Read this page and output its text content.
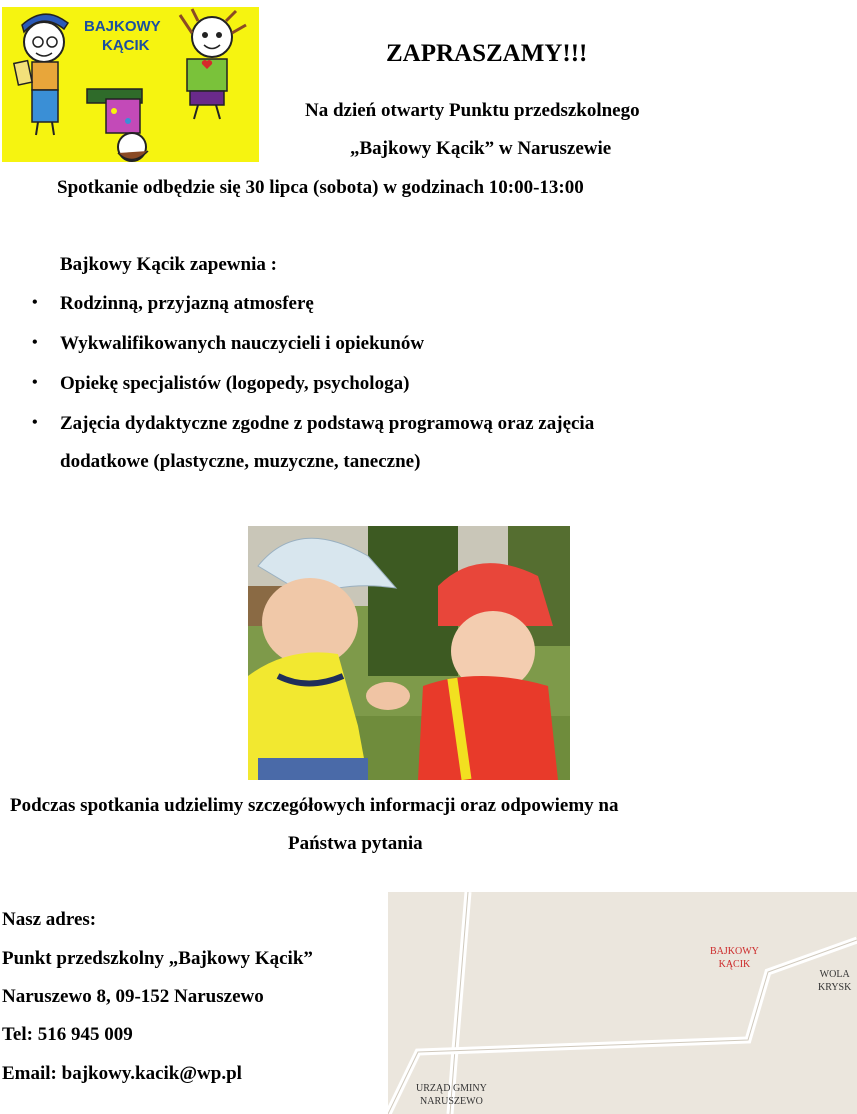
BAJKOWY
KĄCIK	ZAPRASZAMY!!!
Na dzień otwarty Punktu przedszkolnego
„Bajkowy Kącik” w Naruszewie
Spotkanie odbędzie się 30 lipca (sobota) w godzinach 10:00-13:00
Bajkowy Kącik zapewnia :
• Rodzinną, przyjazną atmosferę
• Wykwalifikowanych nauczycieli i opiekunów
• Opiekę specjalistów (logopedy, psychologa)
• Zajęcia dydaktyczne zgodne z podstawą programową oraz zajęcia
dodatkowe (plastyczne, muzyczne, taneczne)
Podczas spotkania udzielimy szczegółowych informacji oraz odpowiemy na
Państwa pytania
Nasz adres:
Punkt przedszkolny „Bajkowy Kącik”
Naruszewo 8, 09-152 Naruszewo
Tel: 516 945 009
Email: bajkowy.kacik@wp.pl
BAJKOWY
KĄCIK
WOLA
KRYSK
URZĄD GMINY
NARUSZEWO
